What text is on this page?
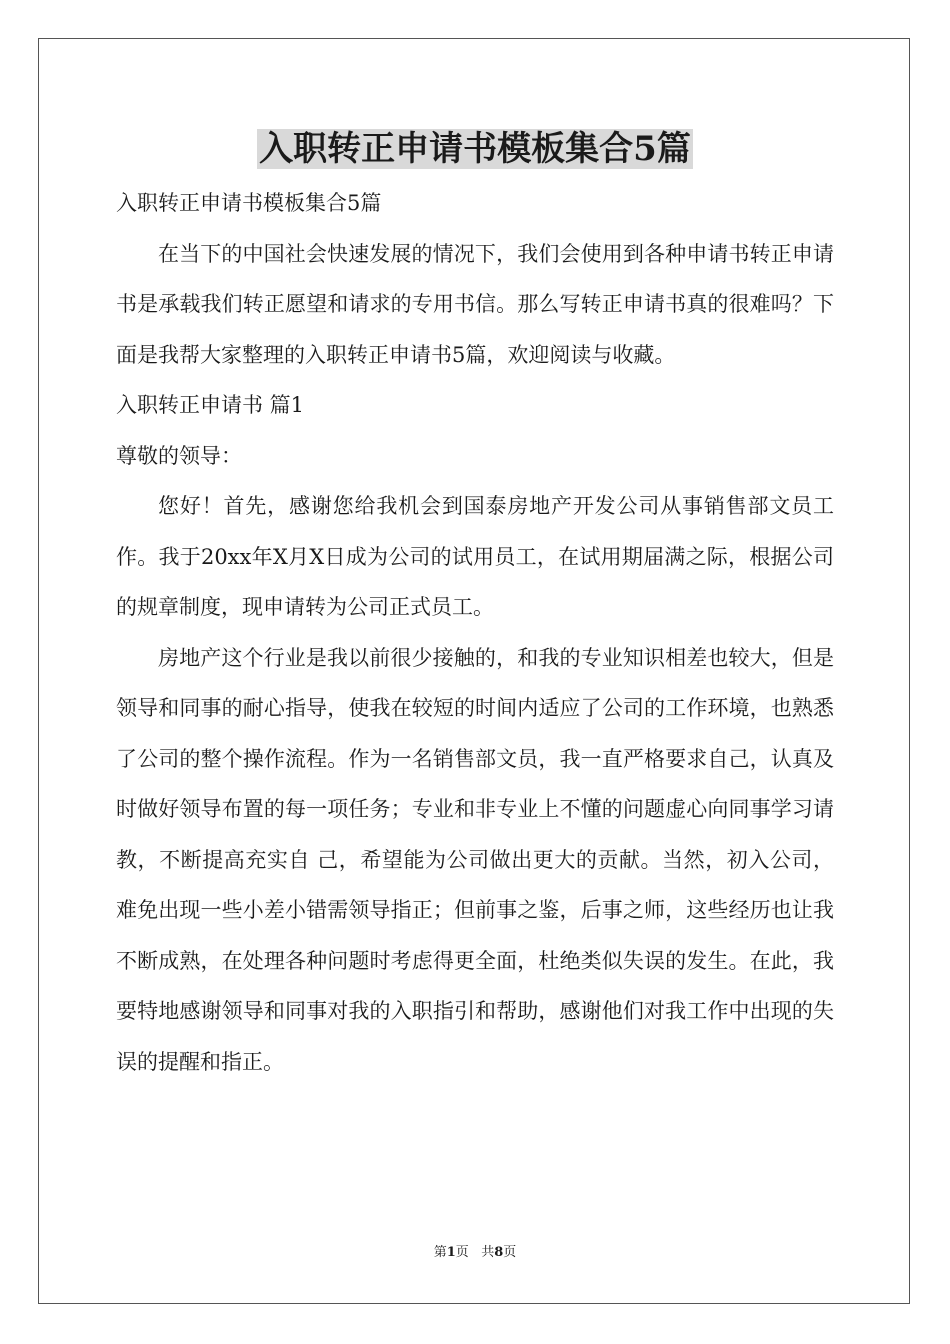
入职转正申请书模板集合5篇

入职转正申请书模板集合5篇

在当下的中国社会快速发展的情况下，我们会使用到各种申请书转正申请书是承载我们转正愿望和请求的专用书信。那么写转正申请书真的很难吗？下面是我帮大家整理的入职转正申请书5篇，欢迎阅读与收藏。

入职转正申请书 篇1

尊敬的领导：

您好！首先，感谢您给我机会到国泰房地产开发公司从事销售部文员工作。我于20xx年X月X日成为公司的试用员工，在试用期届满之际，根据公司的规章制度，现申请转为公司正式员工。

房地产这个行业是我以前很少接触的，和我的专业知识相差也较大，但是领导和同事的耐心指导，使我在较短的时间内适应了公司的工作环境，也熟悉了公司的整个操作流程。作为一名销售部文员，我一直严格要求自己，认真及时做好领导布置的每一项任务；专业和非专业上不懂的问题虚心向同事学习请教，不断提高充实自 己，希望能为公司做出更大的贡献。当然，初入公司，难免出现一些小差小错需领导指正；但前事之鉴，后事之师，这些经历也让我不断成熟，在处理各种问题时考虑得更全面，杜绝类似失误的发生。在此，我要特地感谢领导和同事对我的入职指引和帮助，感谢他们对我工作中出现的失误的提醒和指正。

第1页 共8页
